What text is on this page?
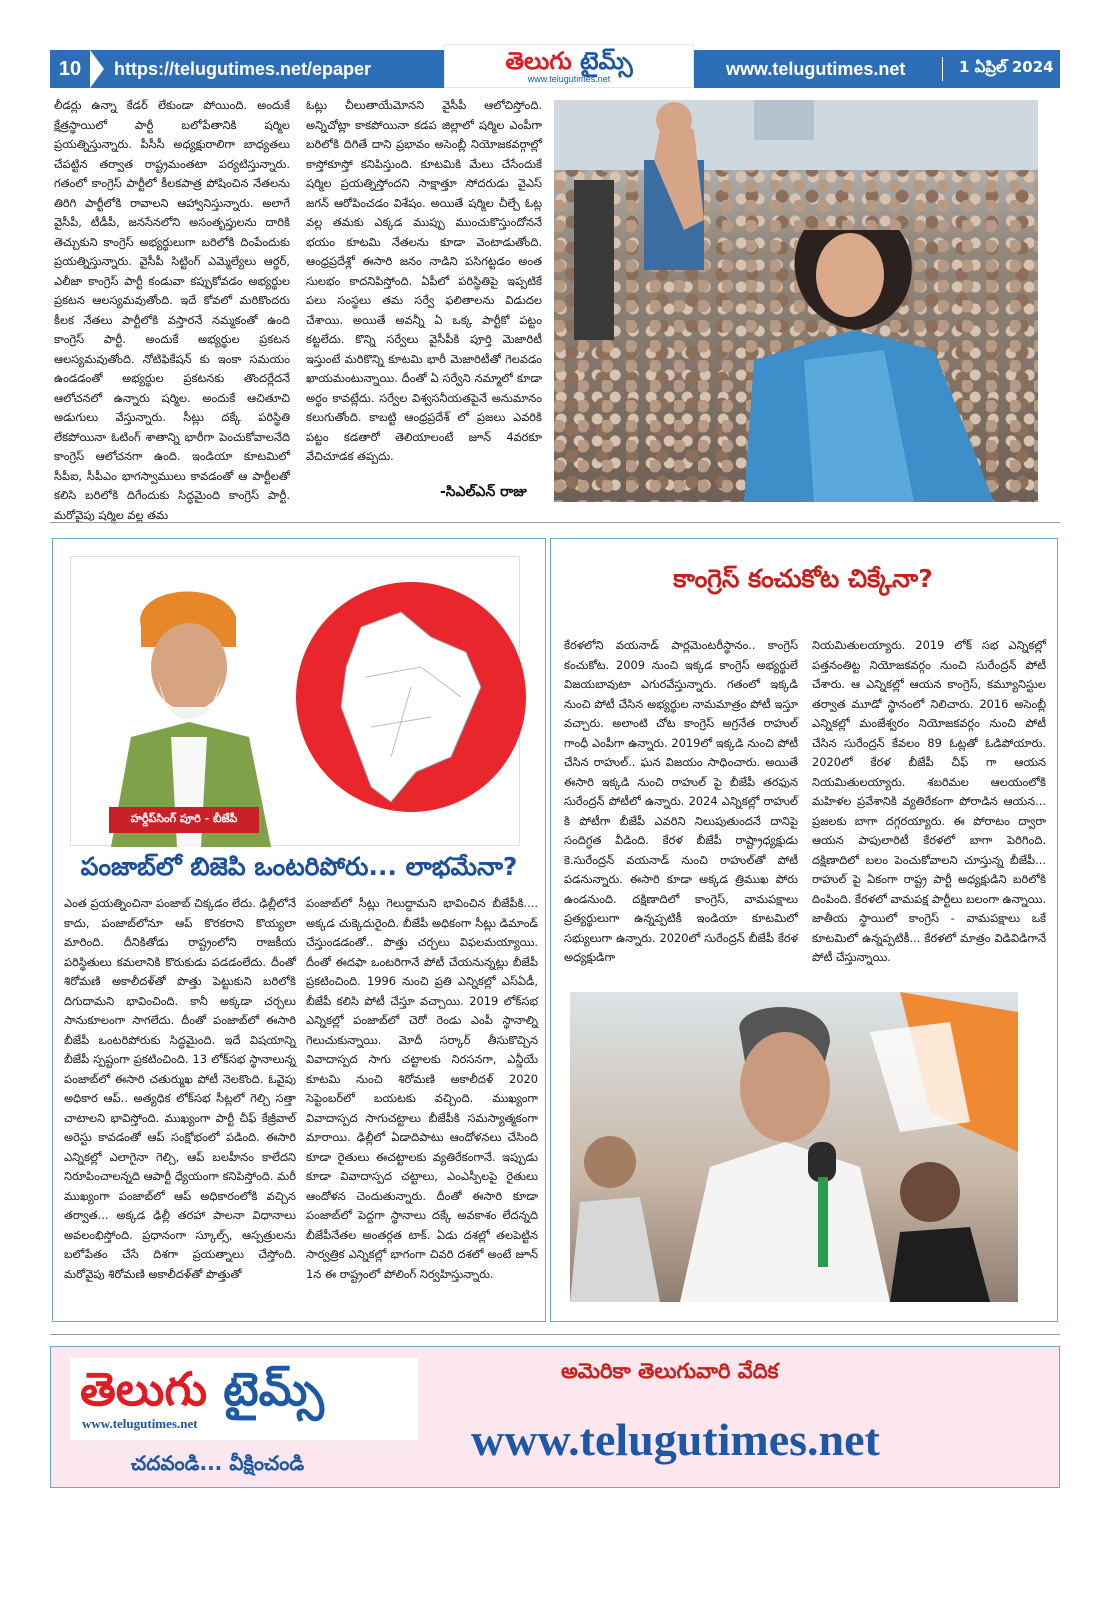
10	https://telugutimes.net/epaper	తెలుగు టైమ్స్
www.telugutimes.net
www.telugutimes.net	1 ఏప్రిల్ 2024
లీడర్లు ఉన్నా కేడర్ లేకుండా పోయింది. అందుకే క్షేత్రస్థాయిలో పార్టీ బలోపేతానికి షర్మిల ప్రయత్నిస్తున్నారు. పీసీసీ అధ్యక్షురాలిగా బాధ్యతలు చేపట్టిన తర్వాత రాష్ట్రమంతటా పర్యటిస్తున్నారు. గతంలో కాంగ్రెస్ పార్టీలో కీలకపాత్ర పోషించిన నేతలను తిరిగి పార్టీలోకి రావాలని ఆహ్వానిస్తున్నారు. అలాగే వైసీపీ, టీడీపీ, జనసేనలోని అసంతృప్తులను దారికి తెచ్చుకుని కాంగ్రెస్ అభ్యర్థులుగా బరిలోకి దింపేందుకు ప్రయత్నిస్తున్నారు. వైసీపీ సిట్టింగ్ ఎమ్మెల్యేలు ఆర్థర్, ఎలీజా కాంగ్రెస్ పార్టీ కండువా కప్పుకోవడం అభ్యర్థుల ప్రకటన ఆలస్యమవుతోంది. ఇదే కోవలో మరికొందరు కీలక నేతలు పార్టీలోకి వస్తారనే నమ్మకంతో ఉంది కాంగ్రెస్ పార్టీ. అందుకే అభ్యర్థుల ప్రకటన ఆలస్యమవుతోంది. నోటిఫికేషన్ కు ఇంకా సమయం ఉండడంతో అభ్యర్థుల ప్రకటనకు తొందర్లేదనే ఆలోచనలో ఉన్నారు షర్మిల. అందుకే ఆచితూచి అడుగులు వేస్తున్నారు. సీట్లు దక్కే పరిస్థితి లేకపోయినా ఓటింగ్ శాతాన్ని భారీగా పెంచుకోవాలనేది కాంగ్రెస్ ఆలోచనగా ఉంది. ఇండియా కూటమిలో సీపీఐ, సీపీఎం భాగస్వాములు కావడంతో ఆ పార్టీలతో కలిసి బరిలోకి దిగేందుకు సిద్ధమైంది కాంగ్రెస్ పార్టీ. మరోవైపు షర్మిల వల్ల తమ
ఓట్లు చీలుతాయేమోనని వైసీపీ ఆలోచిస్తోంది. అన్నిచోట్లా కాకపోయినా కడప జిల్లాలో షర్మిల ఎంపీగా బరిలోకి దిగితే దాని ప్రభావం అసెంబ్లీ నియోజకవర్గాల్లో కాస్తోకూస్తో కనిపిస్తుంది. కూటమికి మేలు చేసేందుకే షర్మిల ప్రయత్నిస్తోందని సాక్షాత్తూ సోదరుడు వైఎస్ జగన్ ఆరోపించడం విశేషం. అయితే షర్మిల చీల్చే ఓట్ల వల్ల తమకు ఎక్కడ ముప్పు ముంచుకొస్తుందోననే భయం కూటమి నేతలను కూడా వెంటాడుతోంది. ఆంధ్రప్రదేశ్లో ఈసారి జనం నాడిని పసిగట్టడం అంత సులభం కాదనిపిస్తోంది. ఏపీలో పరిస్థితిపై ఇప్పటికే పలు సంస్థలు తమ సర్వే ఫలితాలను విడుదల చేశాయి. అయితే అవన్నీ ఏ ఒక్క పార్టీకో పట్టం కట్టలేదు. కొన్ని సర్వేలు వైసీపీకి పూర్తి మెజారిటీ ఇస్తుంటే మరికొన్ని కూటమి భారీ మెజారిటీతో గెలవడం ఖాయమంటున్నాయి. దీంతో ఏ సర్వేని నమ్మాలో కూడా అర్థం కావట్లేదు. సర్వేల విశ్వసనీయతపైనే అనుమానం కలుగుతోంది. కాబట్టి ఆంధ్రప్రదేశ్ లో ప్రజలు ఎవరికి పట్టం కడతారో తెలియాలంటే జూన్ 4వరకూ వేచిచూడక తప్పదు.
-సిఎల్ఎన్ రాజు
పంజాబ్
హర్దీప్‌సింగ్ పూరి - బీజేపీ
పంజాబ్‌లో బిజెపి ఒంటరిపోరు... లాభమేనా?
ఎంత ప్రయత్నించినా పంజాబ్ చిక్కడం లేదు. ఢిల్లీలోనే కాదు, పంజాబ్‌లోనూ ఆప్ కొరకరాని కొయ్యలా మారింది. దీనికితోడు రాష్ట్రంలోని రాజకీయ పరిస్థితులు కమలానికి కొరుకుడు పడడంలేదు. దీంతో శిరోమణి అకాలీదళ్‌తో పొత్తు పెట్టుకుని బరిలోకి దిగుదామని భావించింది. కానీ అక్కడా చర్చలు సానుకూలంగా సాగలేదు. దీంతో పంజాబ్‌లో ఈసారి బీజేపీ ఒంటరిపోరుకు సిద్ధమైంది. ఇదే విషయాన్ని బీజేపీ స్పష్టంగా ప్రకటించింది. 13 లోక్‌సభ స్థానాలున్న పంజాబ్‌లో ఈసారి చతుర్ముఖ పోటీ నెలకొంది. ఓవైపు అధికార ఆప్.. అత్యధిక లోక్‌సభ సీట్లలో గెల్చి సత్తా చాటాలని భావిస్తోంది. ముఖ్యంగా పార్టీ చీఫ్ కేజ్రీవాల్ అరెస్టు కావడంతో ఆప్ సంక్షోభంలో పడింది. ఈసారి ఎన్నికల్లో ఎలాగైనా గెల్చి, ఆప్ బలహీనం కాలేదని నిరూపించాలన్నది ఆపార్టీ ధ్యేయంగా కనిపిస్తోంది. మరీ ముఖ్యంగా పంజాబ్‌లో ఆప్ అధికారంలోకి వచ్చిన తర్వాత... అక్కడ ఢిల్లీ తరహా పాలనా విధానాలు అవలంభిస్తోంది. ప్రధానంగా స్కూల్స్, ఆస్పత్రులను బలోపేతం చేసే దిశగా ప్రయత్నాలు చేస్తోంది. మరోవైపు శిరోమణి అకాలీదళ్‌తో పొత్తుతో
పంజాబ్‌లో సీట్లు గెలుద్దామని భావించిన బీజేపీకి.... అక్కడ చుక్కెదురైంది. బీజేపీ అధికంగా సీట్లు డిమాండ్ చేస్తుండడంతో.. పొత్తు చర్చలు విఫలమయ్యాయి. దీంతో ఈదఫా ఒంటరిగానే పోటీ చేయనున్నట్లు బీజేపీ ప్రకటించింది. 1996 నుంచి ప్రతి ఎన్నికల్లో ఎస్ఏడీ, బీజేపీ కలిసి పోటీ చేస్తూ వచ్చాయి. 2019 లోక్‌సభ ఎన్నికల్లో పంజాబ్‌లో చెరో రెండు ఎంపీ స్థానాల్ని గెలుచుకున్నాయి. మోదీ సర్కార్ తీసుకొచ్చిన వివాదాస్పద సాగు చట్టాలకు నిరసనగా, ఎన్డీయే కూటమి నుంచి శిరోమణి అకాలీదళ్ 2020 సెప్టెంబర్‌లో బయటకు వచ్చింది. ముఖ్యంగా వివాదాస్పద సాగుచట్టాలు బీజేపీకి సమస్యాత్మకంగా మారాయి. ఢిల్లీలో ఏడాదిపాటు ఆందోళనలు చేసింది కూడా రైతులు ఈచట్టాలకు వ్యతిరేకంగానే. ఇప్పుడు కూడా వివాదాస్పద చట్టాలు, ఎంఎస్పీలపై రైతులు ఆందోళన చెందుతున్నారు. దీంతో ఈసారి కూడా పంజాబ్‌లో పెద్దగా స్థానాలు దక్కే అవకాశం లేదన్నది బీజేపీనేతల అంతర్గత టాక్. ఏడు దశల్లో తలపెట్టిన సార్వత్రిక ఎన్నికల్లో భాగంగా చివరి దశలో అంటే జూన్ 1న ఈ రాష్ట్రంలో పోలింగ్ నిర్వహిస్తున్నారు.
కాంగ్రెస్ కంచుకోట చిక్కేనా?
కేరళలోని వయనాడ్ పార్లమెంటరీస్థానం.. కాంగ్రెస్ కంచుకోట. 2009 నుంచి ఇక్కడ కాంగ్రెస్ అభ్యర్థులే విజయబావుటా ఎగురవేస్తున్నారు. గతంలో ఇక్కడి నుంచి పోటీ చేసిన అభ్యర్థుల నామమాత్రం పోటీ ఇస్తూ వచ్చారు. అలాంటి చోట కాంగ్రెస్ అగ్రనేత రాహుల్ గాంధీ ఎంపీగా ఉన్నారు. 2019లో ఇక్కడి నుంచి పోటీ చేసిన రాహుల్.. ఘన విజయం సాధించారు. అయితే ఈసారి ఇక్కడి నుంచి రాహుల్ పై బీజేపీ తరఫున సురేంద్రన్ పోటీలో ఉన్నారు. 2024 ఎన్నికల్లో రాహుల్ కి పోటీగా బీజేపీ ఎవరిని నిలుపుతుందనే దానిపై సందిగ్ధత వీడింది. కేరళ బీజేపీ రాష్ట్రాధ్యక్షుడు కె.సురేంద్రన్ వయనాడ్ నుంచి రాహుల్‌తో పోటీ పడనున్నారు. ఈసారి కూడా అక్కడ త్రిముఖ పోరు ఉండనుంది. దక్షిణాదిలో కాంగ్రెస్, వామపక్షాలు ప్రత్యర్థులుగా ఉన్నప్పటికీ ఇండియా కూటమిలో సభ్యులుగా ఉన్నారు. 2020లో సురేంద్రన్ బీజేపీ కేరళ అధ్యక్షుడిగా
నియమితులయ్యారు. 2019 లోక్ సభ ఎన్నికల్లో పత్తనంతిట్ట నియోజకవర్గం నుంచి సురేంద్రన్ పోటీ చేశారు. ఆ ఎన్నికల్లో ఆయన కాంగ్రెస్, కమ్యూనిస్టుల తర్వాత మూడో స్థానంలో నిలిచారు. 2016 అసెంబ్లీ ఎన్నికల్లో మంజేశ్వరం నియోజకవర్గం నుంచి పోటీ చేసిన సురేంద్రన్ కేవలం 89 ఓట్లతో ఓడిపోయారు. 2020లో కేరళ బీజేపీ చీఫ్ గా ఆయన నియమితులయ్యారు. శబరిమల ఆలయంలోకి మహిళల ప్రవేశానికి వ్యతిరేకంగా పోరాడిన ఆయన... ప్రజలకు బాగా దగ్గరయ్యారు. ఈ పోరాటం ద్వారా ఆయన పాపులారిటీ కేరళలో బాగా పెరిగింది. దక్షిణాదిలో బలం పెంచుకోవాలని చూస్తున్న బీజేపీ... రాహుల్ పై ఏకంగా రాష్ట్ర పార్టీ అధ్యక్షుడిని బరిలోకి దింపింది. కేరళలో వామపక్ష పార్టీలు బలంగా ఉన్నాయి. జాతీయ స్థాయిలో కాంగ్రెస్ - వామపక్షాలు ఒకే కూటమిలో ఉన్నప్పటికీ... కేరళలో మాత్రం విడివిడిగానే పోటీ చేస్తున్నాయి.
తెలుగు టైమ్స్
www.telugutimes.net
చదవండి... వీక్షించండి
అమెరికా తెలుగువారి వేదిక
www.telugutimes.net
